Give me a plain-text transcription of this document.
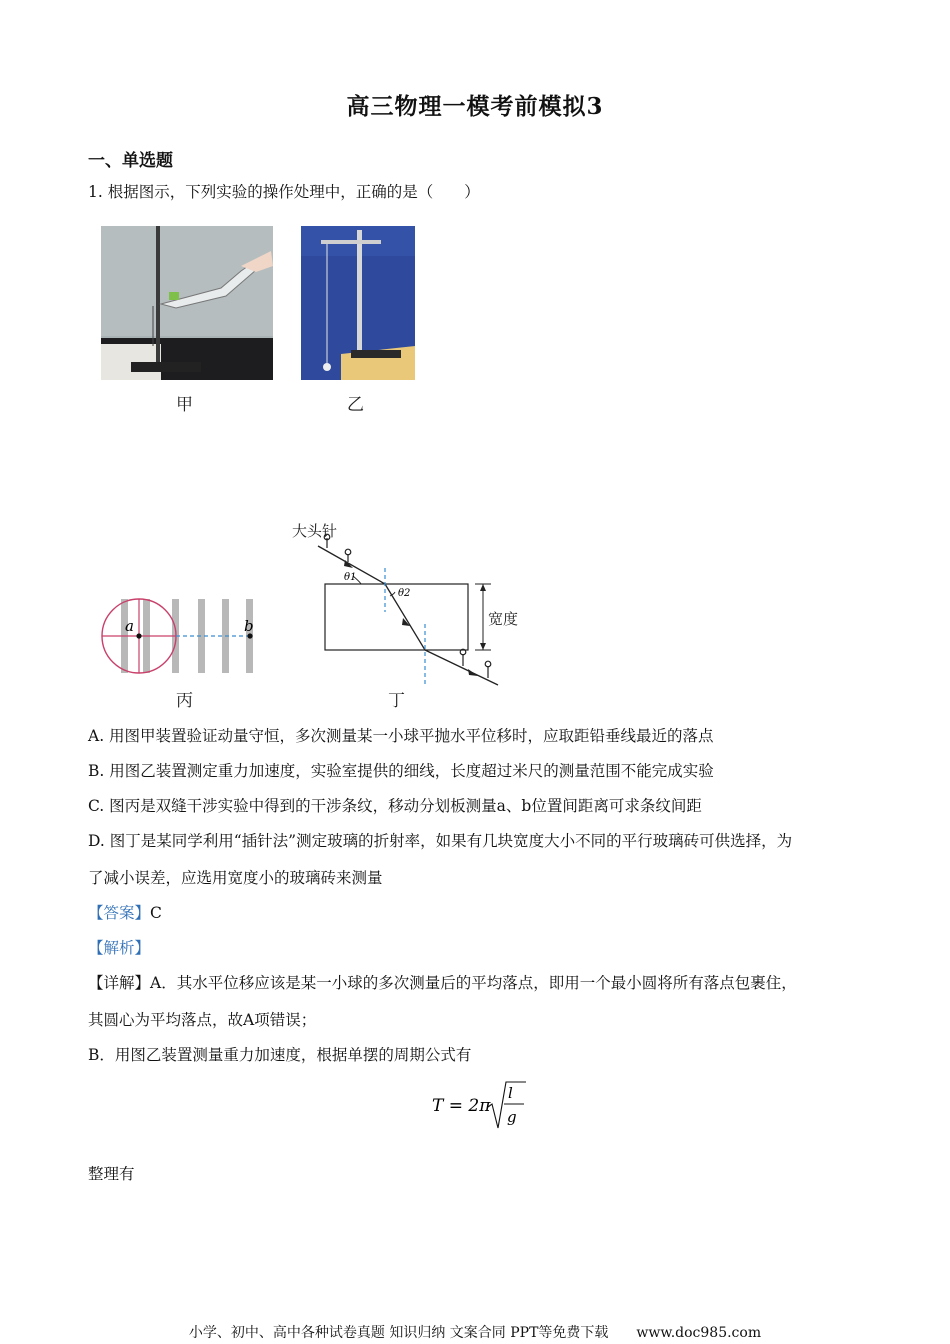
高三物理一模考前模拟3
一、单选题
1. 根据图示，下列实验的操作处理中，正确的是（　　）
甲	乙
a	b
大头针
宽度
θ1
θ2
丙	丁
A. 用图甲装置验证动量守恒，多次测量某一小球平抛水平位移时，应取距铅垂线最近的落点
B. 用图乙装置测定重力加速度，实验室提供的细线，长度超过米尺的测量范围不能完成实验
C. 图丙是双缝干涉实验中得到的干涉条纹，移动分划板测量a、b位置间距离可求条纹间距
D. 图丁是某同学利用“插针法”测定玻璃的折射率，如果有几块宽度大小不同的平行玻璃砖可供选择，为
了减小误差，应选用宽度小的玻璃砖来测量
【答案】C
【解析】
【详解】A．其水平位移应该是某一小球的多次测量后的平均落点，即用一个最小圆将所有落点包裹住，
其圆心为平均落点，故A项错误；
B．用图乙装置测量重力加速度，根据单摆的周期公式有
T = 2π
l
g
整理有
小学、初中、高中各种试卷真题 知识归纳 文案合同 PPT等免费下载　　www.doc985.com
